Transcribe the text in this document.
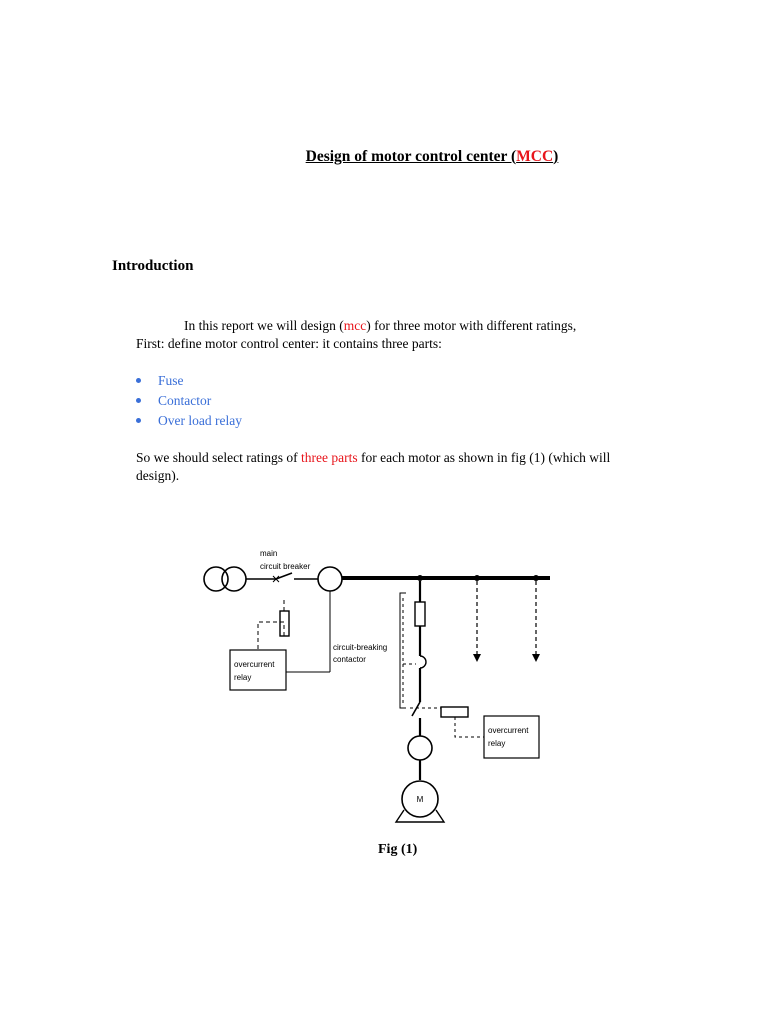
Design of motor control center (MCC)
Introduction
In this report we will design (mcc) for three motor with different ratings,
First: define motor control center: it contains three parts:
Fuse
Contactor
Over load relay
So we should select ratings of three parts for each motor as shown in fig (1) (which will design).
main
circuit breaker
overcurrent
relay
circuit-breaking
contactor
overcurrent
relay
M
Fig (1)
